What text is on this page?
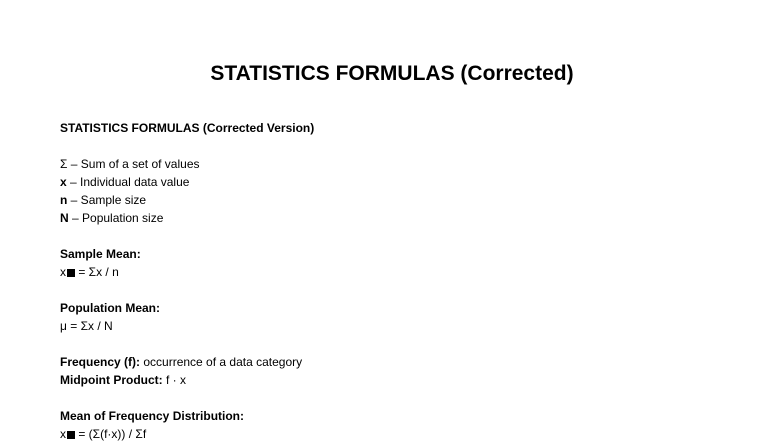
STATISTICS FORMULAS (Corrected)
STATISTICS FORMULAS (Corrected Version)
Σ – Sum of a set of values
x – Individual data value
n – Sample size
N – Population size
Sample Mean:
x = Σx / n
Population Mean:
μ = Σx / N
Frequency (f): occurrence of a data category
Midpoint Product: f · x
Mean of Frequency Distribution:
x = (Σ(f·x)) / Σf
